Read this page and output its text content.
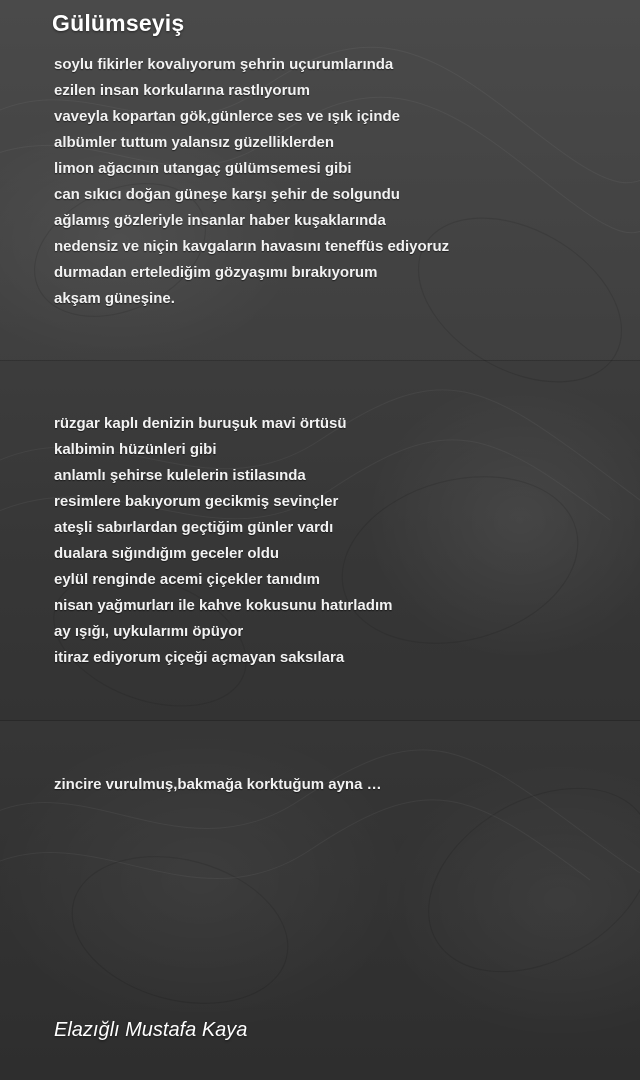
Gülümseyiş
soylu fikirler kovalıyorum şehrin uçurumlarında
ezilen insan korkularına rastlıyorum
vaveyla kopartan gök,günlerce ses ve ışık içinde
albümler tuttum yalansız güzelliklerden
limon ağacının utangaç gülümsemesi gibi
can sıkıcı doğan güneşe karşı şehir de solgundu
ağlamış gözleriyle insanlar haber kuşaklarında
nedensiz ve niçin kavgaların havasını teneffüs ediyoruz
durmadan ertelediğim gözyaşımı bırakıyorum
akşam güneşine.
rüzgar kaplı denizin buruşuk mavi örtüsü
kalbimin hüzünleri gibi
anlamlı şehirse kulelerin istilasında
resimlere bakıyorum gecikmiş sevinçler
ateşli sabırlardan geçtiğim günler vardı
dualara sığındığım geceler oldu
eylül renginde acemi çiçekler tanıdım
nisan yağmurları ile kahve kokusunu hatırladım
ay ışığı, uykularımı öpüyor
itiraz ediyorum çiçeği açmayan saksılara
zincire vurulmuş,bakmağa korktuğum ayna …

Elazığlı Mustafa Kaya
